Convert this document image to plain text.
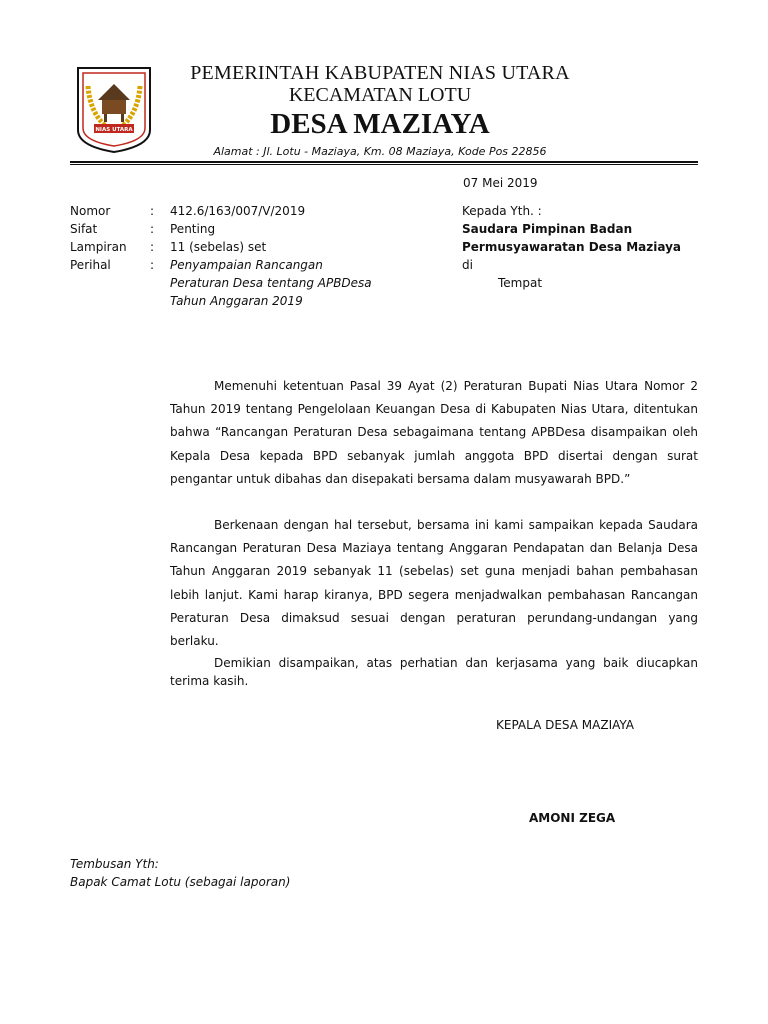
NIAS UTARA
PEMERINTAH KABUPATEN NIAS UTARA
KECAMATAN LOTU
DESA MAZIAYA
Alamat : Jl. Lotu - Maziaya, Km. 08 Maziaya, Kode Pos 22856
07 Mei 2019
Nomor	: 412.6/163/007/V/2019
Sifat	: Penting
Lampiran : 11 (sebelas) set
Perihal	: Penyampaian Rancangan
Peraturan Desa tentang APBDesa
Tahun Anggaran 2019
Kepada Yth. :
Saudara Pimpinan Badan
Permusyawaratan Desa Maziaya
di
Tempat
Memenuhi ketentuan Pasal 39 Ayat (2) Peraturan Bupati Nias Utara Nomor 2 Tahun 2019 tentang Pengelolaan Keuangan Desa di Kabupaten Nias Utara, ditentukan bahwa “Rancangan Peraturan Desa sebagaimana tentang APBDesa disampaikan oleh Kepala Desa kepada BPD sebanyak jumlah anggota BPD disertai dengan surat pengantar untuk dibahas dan disepakati bersama dalam musyawarah BPD.”
Berkenaan dengan hal tersebut, bersama ini kami sampaikan kepada Saudara Rancangan Peraturan Desa Maziaya tentang Anggaran Pendapatan dan Belanja Desa Tahun Anggaran 2019 sebanyak 11 (sebelas) set guna menjadi bahan pembahasan lebih lanjut. Kami harap kiranya, BPD segera menjadwalkan pembahasan Rancangan Peraturan Desa dimaksud sesuai dengan peraturan perundang-undangan yang berlaku.
Demikian disampaikan, atas perhatian dan kerjasama yang baik diucapkan terima kasih.
KEPALA DESA MAZIAYA
AMONI ZEGA
Tembusan Yth:
Bapak Camat Lotu (sebagai laporan)
